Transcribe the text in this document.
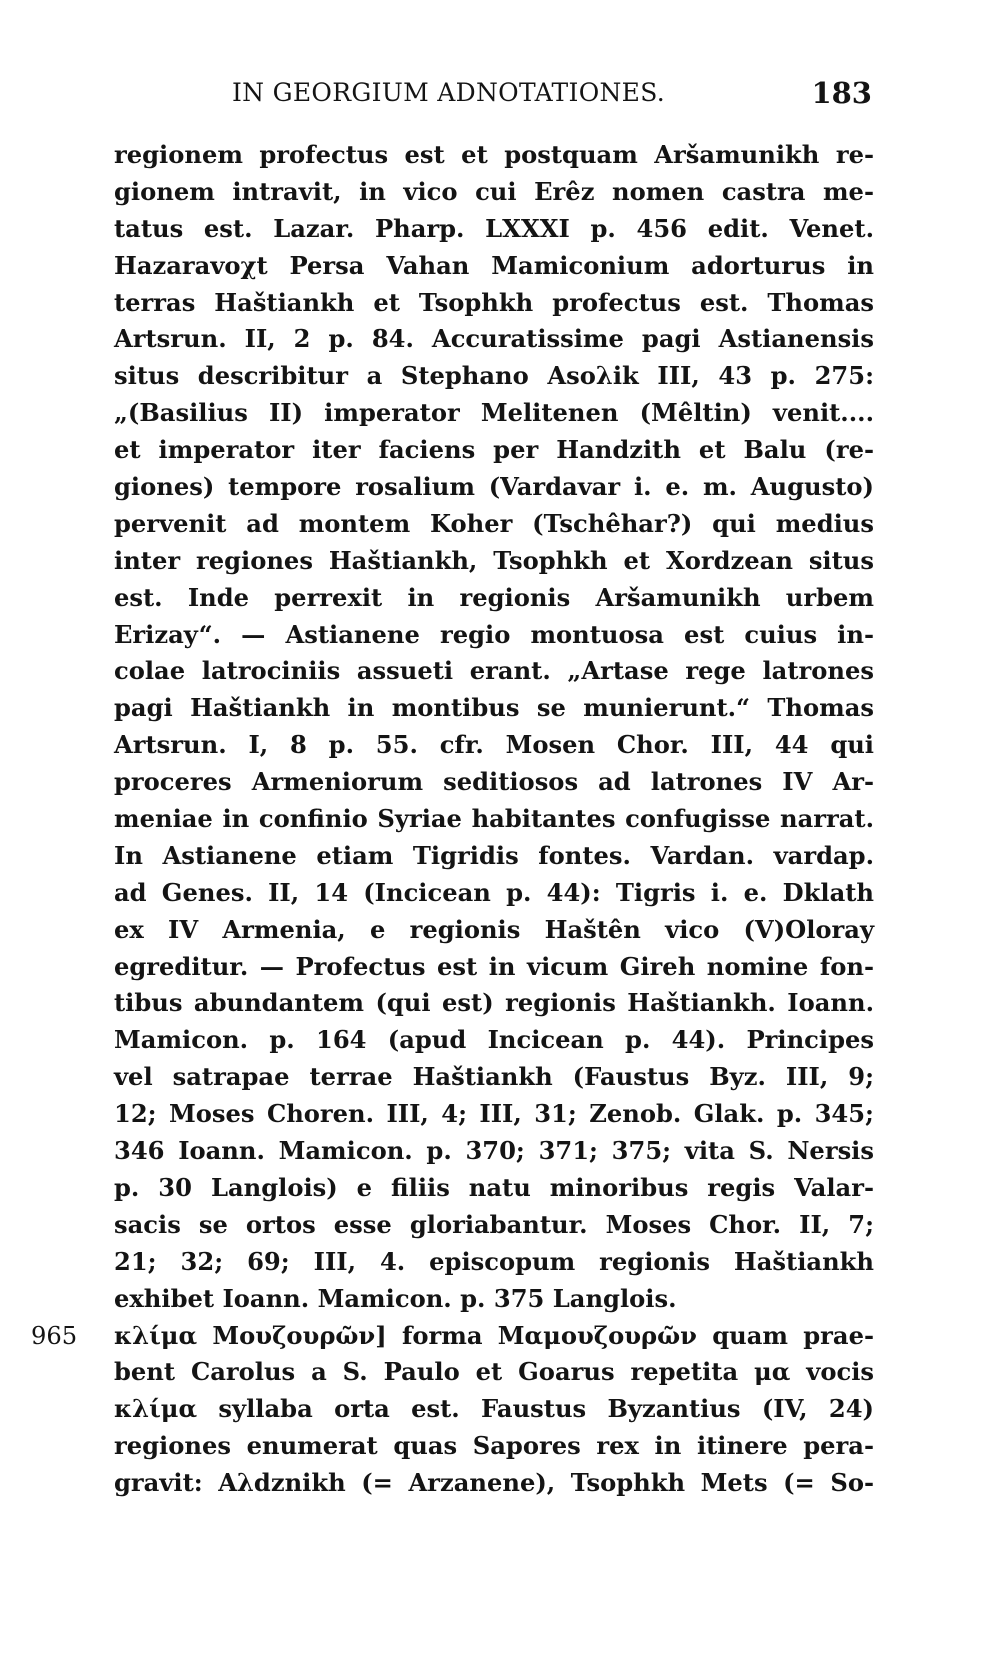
IN GEORGIUM ADNOTATIONES.	183
regionem profectus est et postquam Aršamunikh re-
gionem intravit, in vico cui Erêz nomen castra me-
tatus est. Lazar. Pharp. LXXXI p. 456 edit. Venet.
Hazaravoχt Persa Vahan Mamiconium adorturus in
terras Haštiankh et Tsophkh profectus est. Thomas
Artsrun. II, 2 p. 84. Accuratissime pagi Astianensis
situs describitur a Stephano Asoλik III, 43 p. 275:
„(Basilius II) imperator Melitenen (Mêltin) venit....
et imperator iter faciens per Handzith et Balu (re-
giones) tempore rosalium (Vardavar i. e. m. Augusto)
pervenit ad montem Koher (Tschêhar?) qui medius
inter regiones Haštiankh, Tsophkh et Xordzean situs
est. Inde perrexit in regionis Aršamunikh urbem
Erizay“. — Astianene regio montuosa est cuius in-
colae latrociniis assueti erant. „Artase rege latrones
pagi Haštiankh in montibus se munierunt.“ Thomas
Artsrun. I, 8 p. 55. cfr. Mosen Chor. III, 44 qui
proceres Armeniorum seditiosos ad latrones IV Ar-
meniae in confinio Syriae habitantes confugisse narrat.
In Astianene etiam Tigridis fontes. Vardan. vardap.
ad Genes. II, 14 (Incicean p. 44): Tigris i. e. Dklath
ex IV Armenia, e regionis Haštên vico (V)Oloray
egreditur. — Profectus est in vicum Gireh nomine fon-
tibus abundantem (qui est) regionis Haštiankh. Ioann.
Mamicon. p. 164 (apud Incicean p. 44). Principes
vel satrapae terrae Haštiankh (Faustus Byz. III, 9;
12; Moses Choren. III, 4; III, 31; Zenob. Glak. p. 345;
346 Ioann. Mamicon. p. 370; 371; 375; vita S. Nersis
p. 30 Langlois) e filiis natu minoribus regis Valar-
sacis se ortos esse gloriabantur. Moses Chor. II, 7;
21; 32; 69; III, 4. episcopum regionis Haštiankh
exhibet Ioann. Mamicon. p. 375 Langlois.
965 κλίμα Μουζουρῶν] forma Μαμουζουρῶν quam prae-
bent Carolus a S. Paulo et Goarus repetita μα vocis
κλίμα syllaba orta est. Faustus Byzantius (IV, 24)
regiones enumerat quas Sapores rex in itinere pera-
gravit: Aλdznikh (= Arzanene), Tsophkh Mets (= So-
